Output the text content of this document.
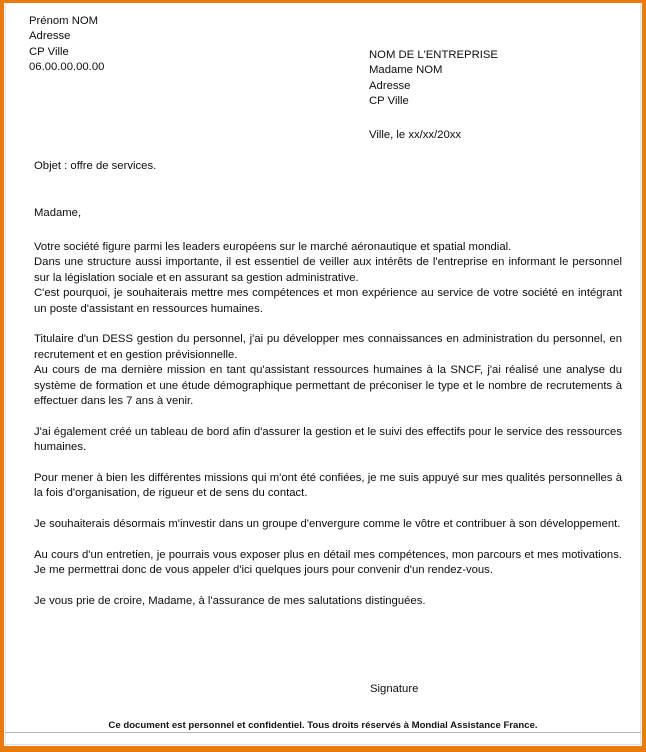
Prénom NOM
Adresse
CP Ville
06.00.00.00.00
NOM DE L'ENTREPRISE
Madame NOM
Adresse
CP Ville
Ville, le xx/xx/20xx
Objet : offre de services.
Madame,

Votre société figure parmi les leaders européens sur le marché aéronautique et spatial mondial.
Dans une structure aussi importante, il est essentiel de veiller aux intérêts de l'entreprise en informant le personnel sur la législation sociale et en assurant sa gestion administrative.
C'est pourquoi, je souhaiterais mettre mes compétences et mon expérience au service de votre société en intégrant un poste d'assistant en ressources humaines.

Titulaire d'un DESS gestion du personnel, j'ai pu développer mes connaissances en administration du personnel, en recrutement et en gestion prévisionnelle.
Au cours de ma dernière mission en tant qu'assistant ressources humaines à la SNCF, j'ai réalisé une analyse du système de formation et une étude démographique permettant de préconiser le type et le nombre de recrutements à effectuer dans les 7 ans à venir.

J'ai également créé un tableau de bord afin d'assurer la gestion et le suivi des effectifs pour le service des ressources humaines.

Pour mener à bien les différentes missions qui m'ont été confiées, je me suis appuyé sur mes qualités personnelles à la fois d'organisation, de rigueur et de sens du contact.

Je souhaiterais désormais m'investir dans un groupe d'envergure comme le vôtre et contribuer à son développement.

Au cours d'un entretien, je pourrais vous exposer plus en détail mes compétences, mon parcours et mes motivations. Je me permettrai donc de vous appeler d'ici quelques jours pour convenir d'un rendez-vous.

Je vous prie de croire, Madame, à l'assurance de mes salutations distinguées.

Signature
Ce document est personnel et confidentiel. Tous droits réservés à Mondial Assistance France.
